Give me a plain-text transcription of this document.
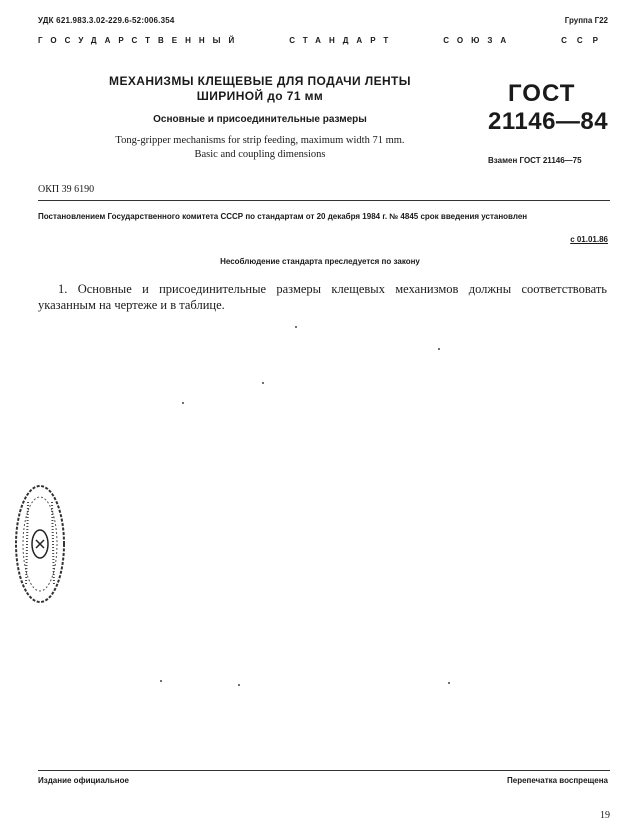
УДК 621.983.3.02-229.6-52:006.354	Группа Г22
ГОСУДАРСТВЕННЫЙ	СТАНДАРТ	СОЮЗА	ССР
МЕХАНИЗМЫ КЛЕЩЕВЫЕ ДЛЯ ПОДАЧИ ЛЕНТЫ
ШИРИНОЙ до 71 мм
Основные и присоединительные размеры
Tong-gripper mechanisms for strip feeding, maximum width 71 mm.
Basic and coupling dimensions
ГОСТ
21146—84
Взамен ГОСТ 21146—75
ОКП 39 6190
Постановлением Государственного комитета СССР по стандартам от 20 декабря 1984 г. № 4845 срок введения установлен
с 01.01.86
Несоблюдение стандарта преследуется по закону
1. Основные и присоединительные размеры клещевых механизмов должны соответствовать указанным на чертеже и в таблице.
Издание официальное	Перепечатка воспрещена
19
